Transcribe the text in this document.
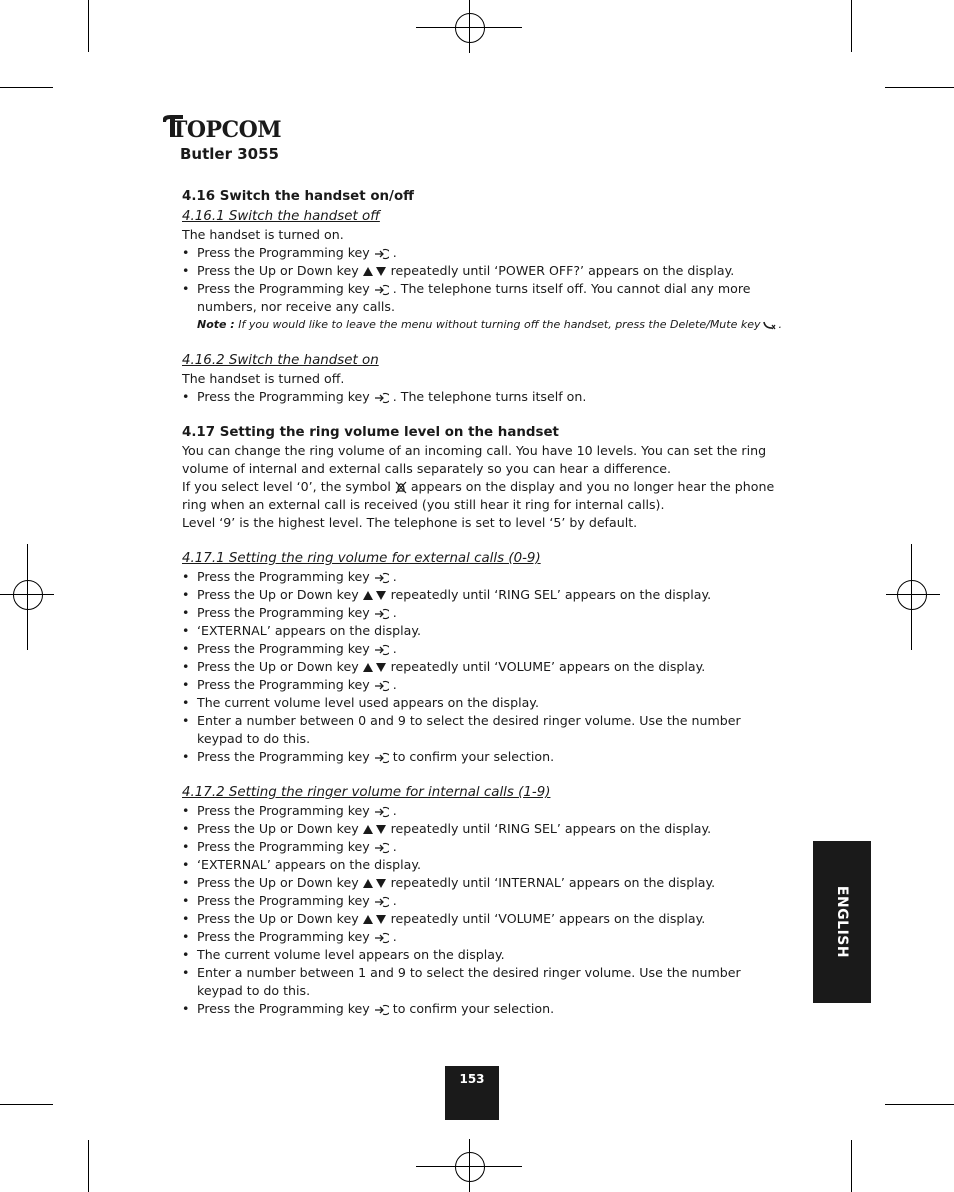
TOPCOM
Butler 3055

4.16 Switch the handset on/off

4.16.1 Switch the handset off

The handset is turned on.

• Press the Programming key .
• Press the Up or Down key	repeatedly until ‘POWER OFF?’ appears on the display.
• Press the Programming key . The telephone turns itself off. You cannot dial any more numbers, nor receive any calls.

Note : If you would like to leave the menu without turning off the handset, press the Delete/Mute key .

4.16.2 Switch the handset on

The handset is turned off.

• Press the Programming key . The telephone turns itself on.

4.17 Setting the ring volume level on the handset

You can change the ring volume of an incoming call. You have 10 levels. You can set the ring volume of internal and external calls separately so you can hear a difference.

If you select level ‘0’, the symbol appears on the display and you no longer hear the phone ring when an external call is received (you still hear it ring for internal calls).

Level ‘9’ is the highest level. The telephone is set to level ‘5’ by default.

4.17.1 Setting the ring volume for external calls (0-9)

• Press the Programming key .
• Press the Up or Down key	repeatedly until ‘RING SEL’ appears on the display.
• Press the Programming key .
• ‘EXTERNAL’ appears on the display.
• Press the Programming key .
• Press the Up or Down key	repeatedly until ‘VOLUME’ appears on the display.
• Press the Programming key .
• The current volume level used appears on the display.
• Enter a number between 0 and 9 to select the desired ringer volume. Use the number keypad to do this.
• Press the Programming key to confirm your selection.

4.17.2 Setting the ringer volume for internal calls (1-9)

• Press the Programming key .
• Press the Up or Down key	repeatedly until ‘RING SEL’ appears on the display.
• Press the Programming key .
• ‘EXTERNAL’ appears on the display.
• Press the Up or Down key	repeatedly until ‘INTERNAL’ appears on the display.
• Press the Programming key .
• Press the Up or Down key	repeatedly until ‘VOLUME’ appears on the display.
• Press the Programming key .
• The current volume level appears on the display.
• Enter a number between 1 and 9 to select the desired ringer volume. Use the number keypad to do this.
• Press the Programming key to confirm your selection.
ENGLISH
153
